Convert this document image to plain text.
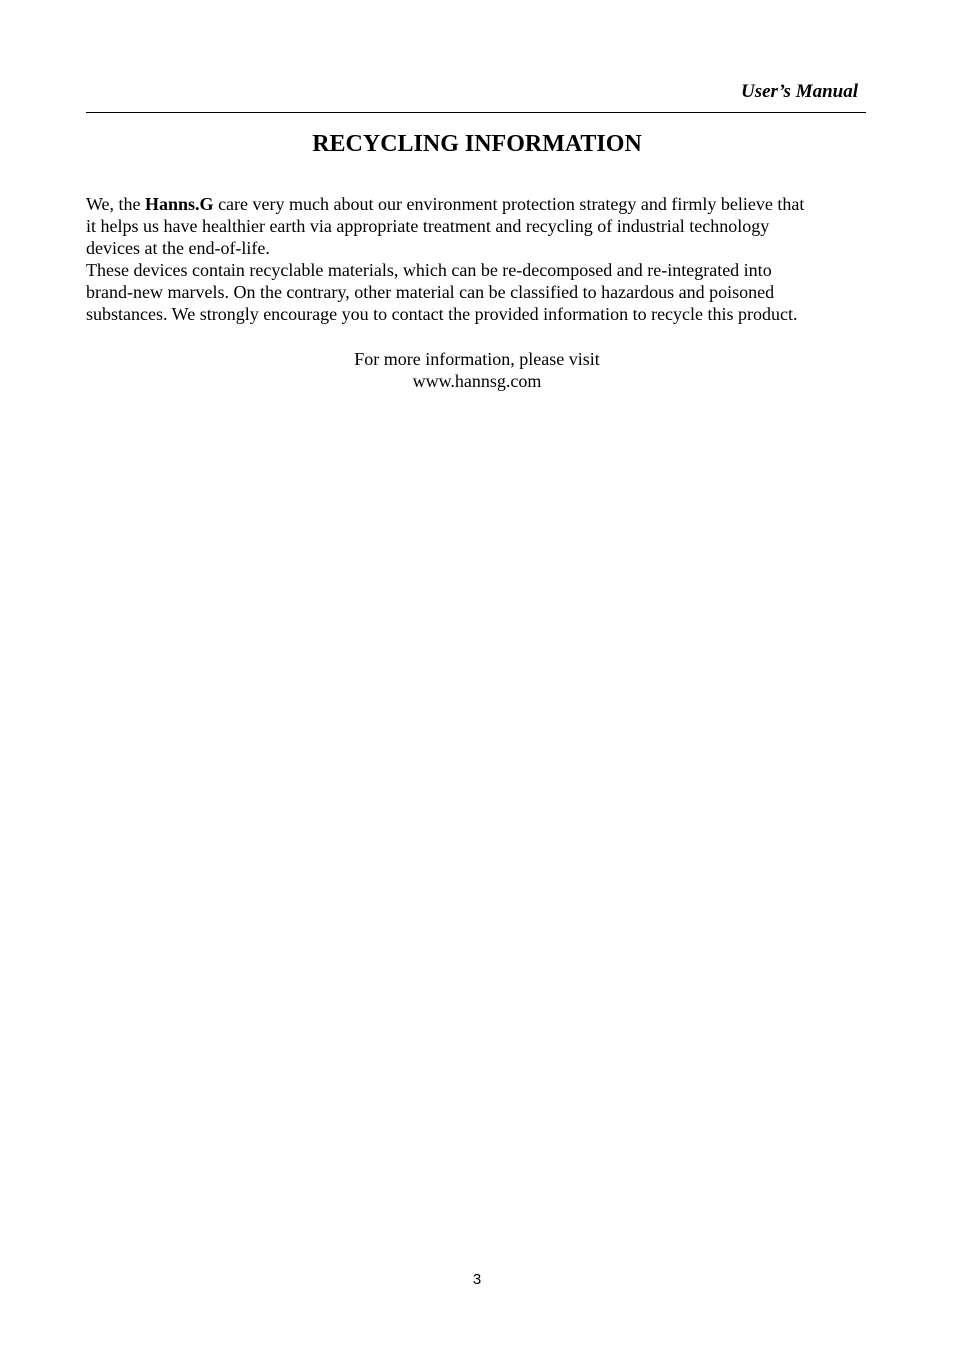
User’s Manual
RECYCLING INFORMATION
We, the Hanns.G care very much about our environment protection strategy and firmly believe that
it helps us have healthier earth via appropriate treatment and recycling of industrial technology
devices at the end-of-life.
These devices contain recyclable materials, which can be re-decomposed and re-integrated into
brand-new marvels. On the contrary, other material can be classified to hazardous and poisoned
substances. We strongly encourage you to contact the provided information to recycle this product.
For more information, please visit
www.hannsg.com
3
